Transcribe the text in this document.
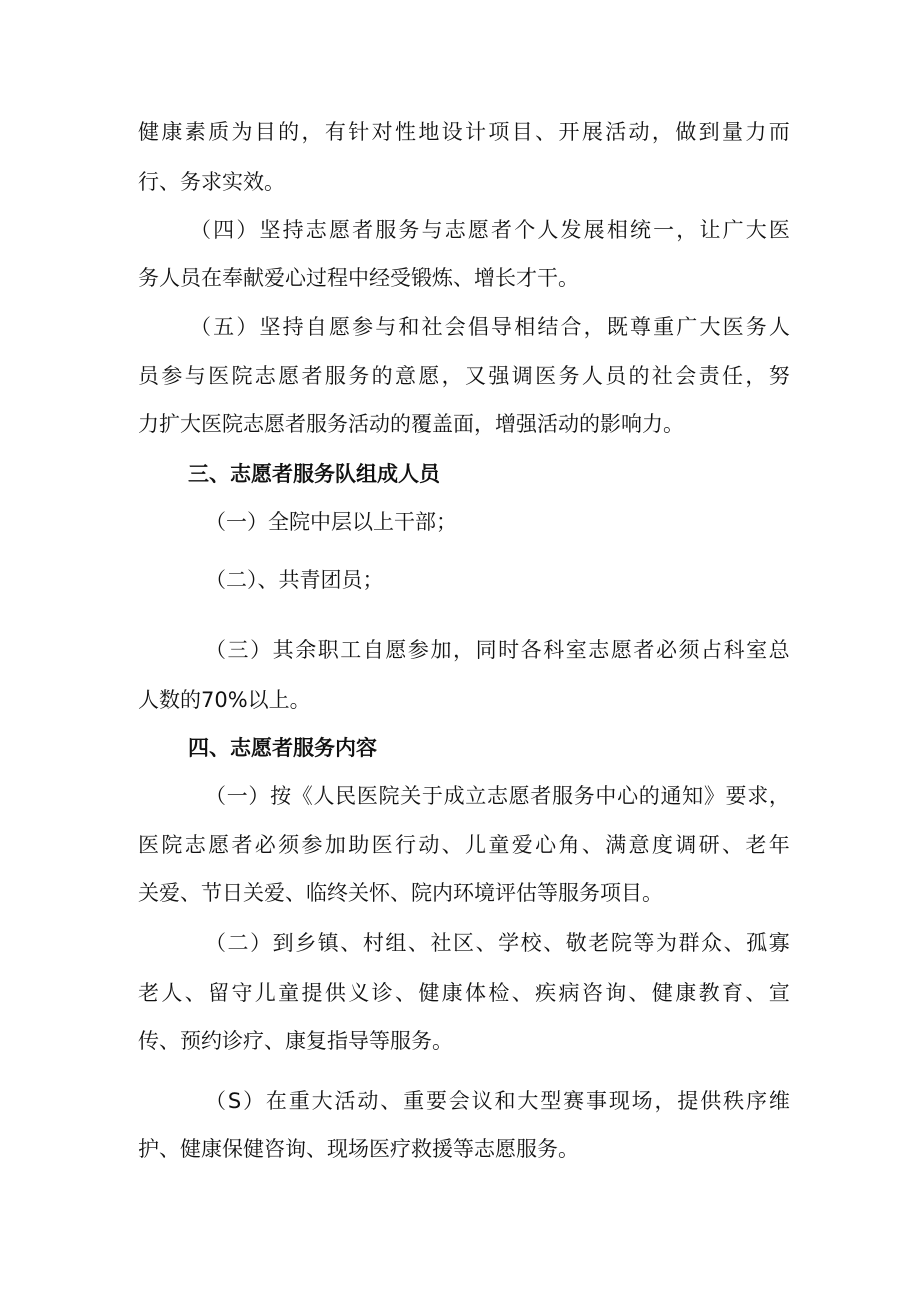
健 康 素 质 为 目 的 ， 有 针 对 性 地 设 计 项 目 、 开 展 活 动 ， 做 到 量 力 而
行、务求实效。
（ 四 ） 坚 持 志 愿 者 服 务 与 志 愿 者 个 人 发 展 相 统 一 ， 让 广 大 医
务人员在奉献爱心过程中经受锻炼、增长才干。
（ 五 ） 坚 持 自 愿 参 与 和 社 会 倡 导 相 结 合 ， 既 尊 重 广 大 医 务 人
员 参 与 医 院 志 愿 者 服 务 的 意 愿 ， 又 强 调 医 务 人 员 的 社 会 责 任 ， 努
力扩大医院志愿者服务活动的覆盖面，增强活动的影响力。
三、志愿者服务队组成人员
（一）全院中层以上干部；
（二）、共青团员；
（ 三 ） 其 余 职 工 自 愿 参 加 ， 同 时 各 科 室 志 愿 者 必 须 占 科 室 总
人数的70%以上。
四、志愿者服务内容
（ 一 ） 按 《 人 民 医 院 关 于 成 立 志 愿 者 服 务 中 心 的 通 知 》 要 求 ，
医 院 志 愿 者 必 须 参 加 助 医 行 动 、 儿 童 爱 心 角 、 满 意 度 调 研 、 老 年
关爱、节日关爱、临终关怀、院内环境评估等服务项目。
（ 二 ） 到 乡 镇 、 村 组 、 社 区 、 学 校 、 敬 老 院 等 为 群 众 、 孤 寡
老 人 、 留 守 儿 童 提 供 义 诊 、 健 康 体 检 、 疾 病 咨 询 、 健 康 教 育 、 宣
传、预约诊疗、康复指导等服务。
（ S ） 在 重 大 活 动 、 重 要 会 议 和 大 型 赛 事 现 场 ， 提 供 秩 序 维
护、健康保健咨询、现场医疗救援等志愿服务。
